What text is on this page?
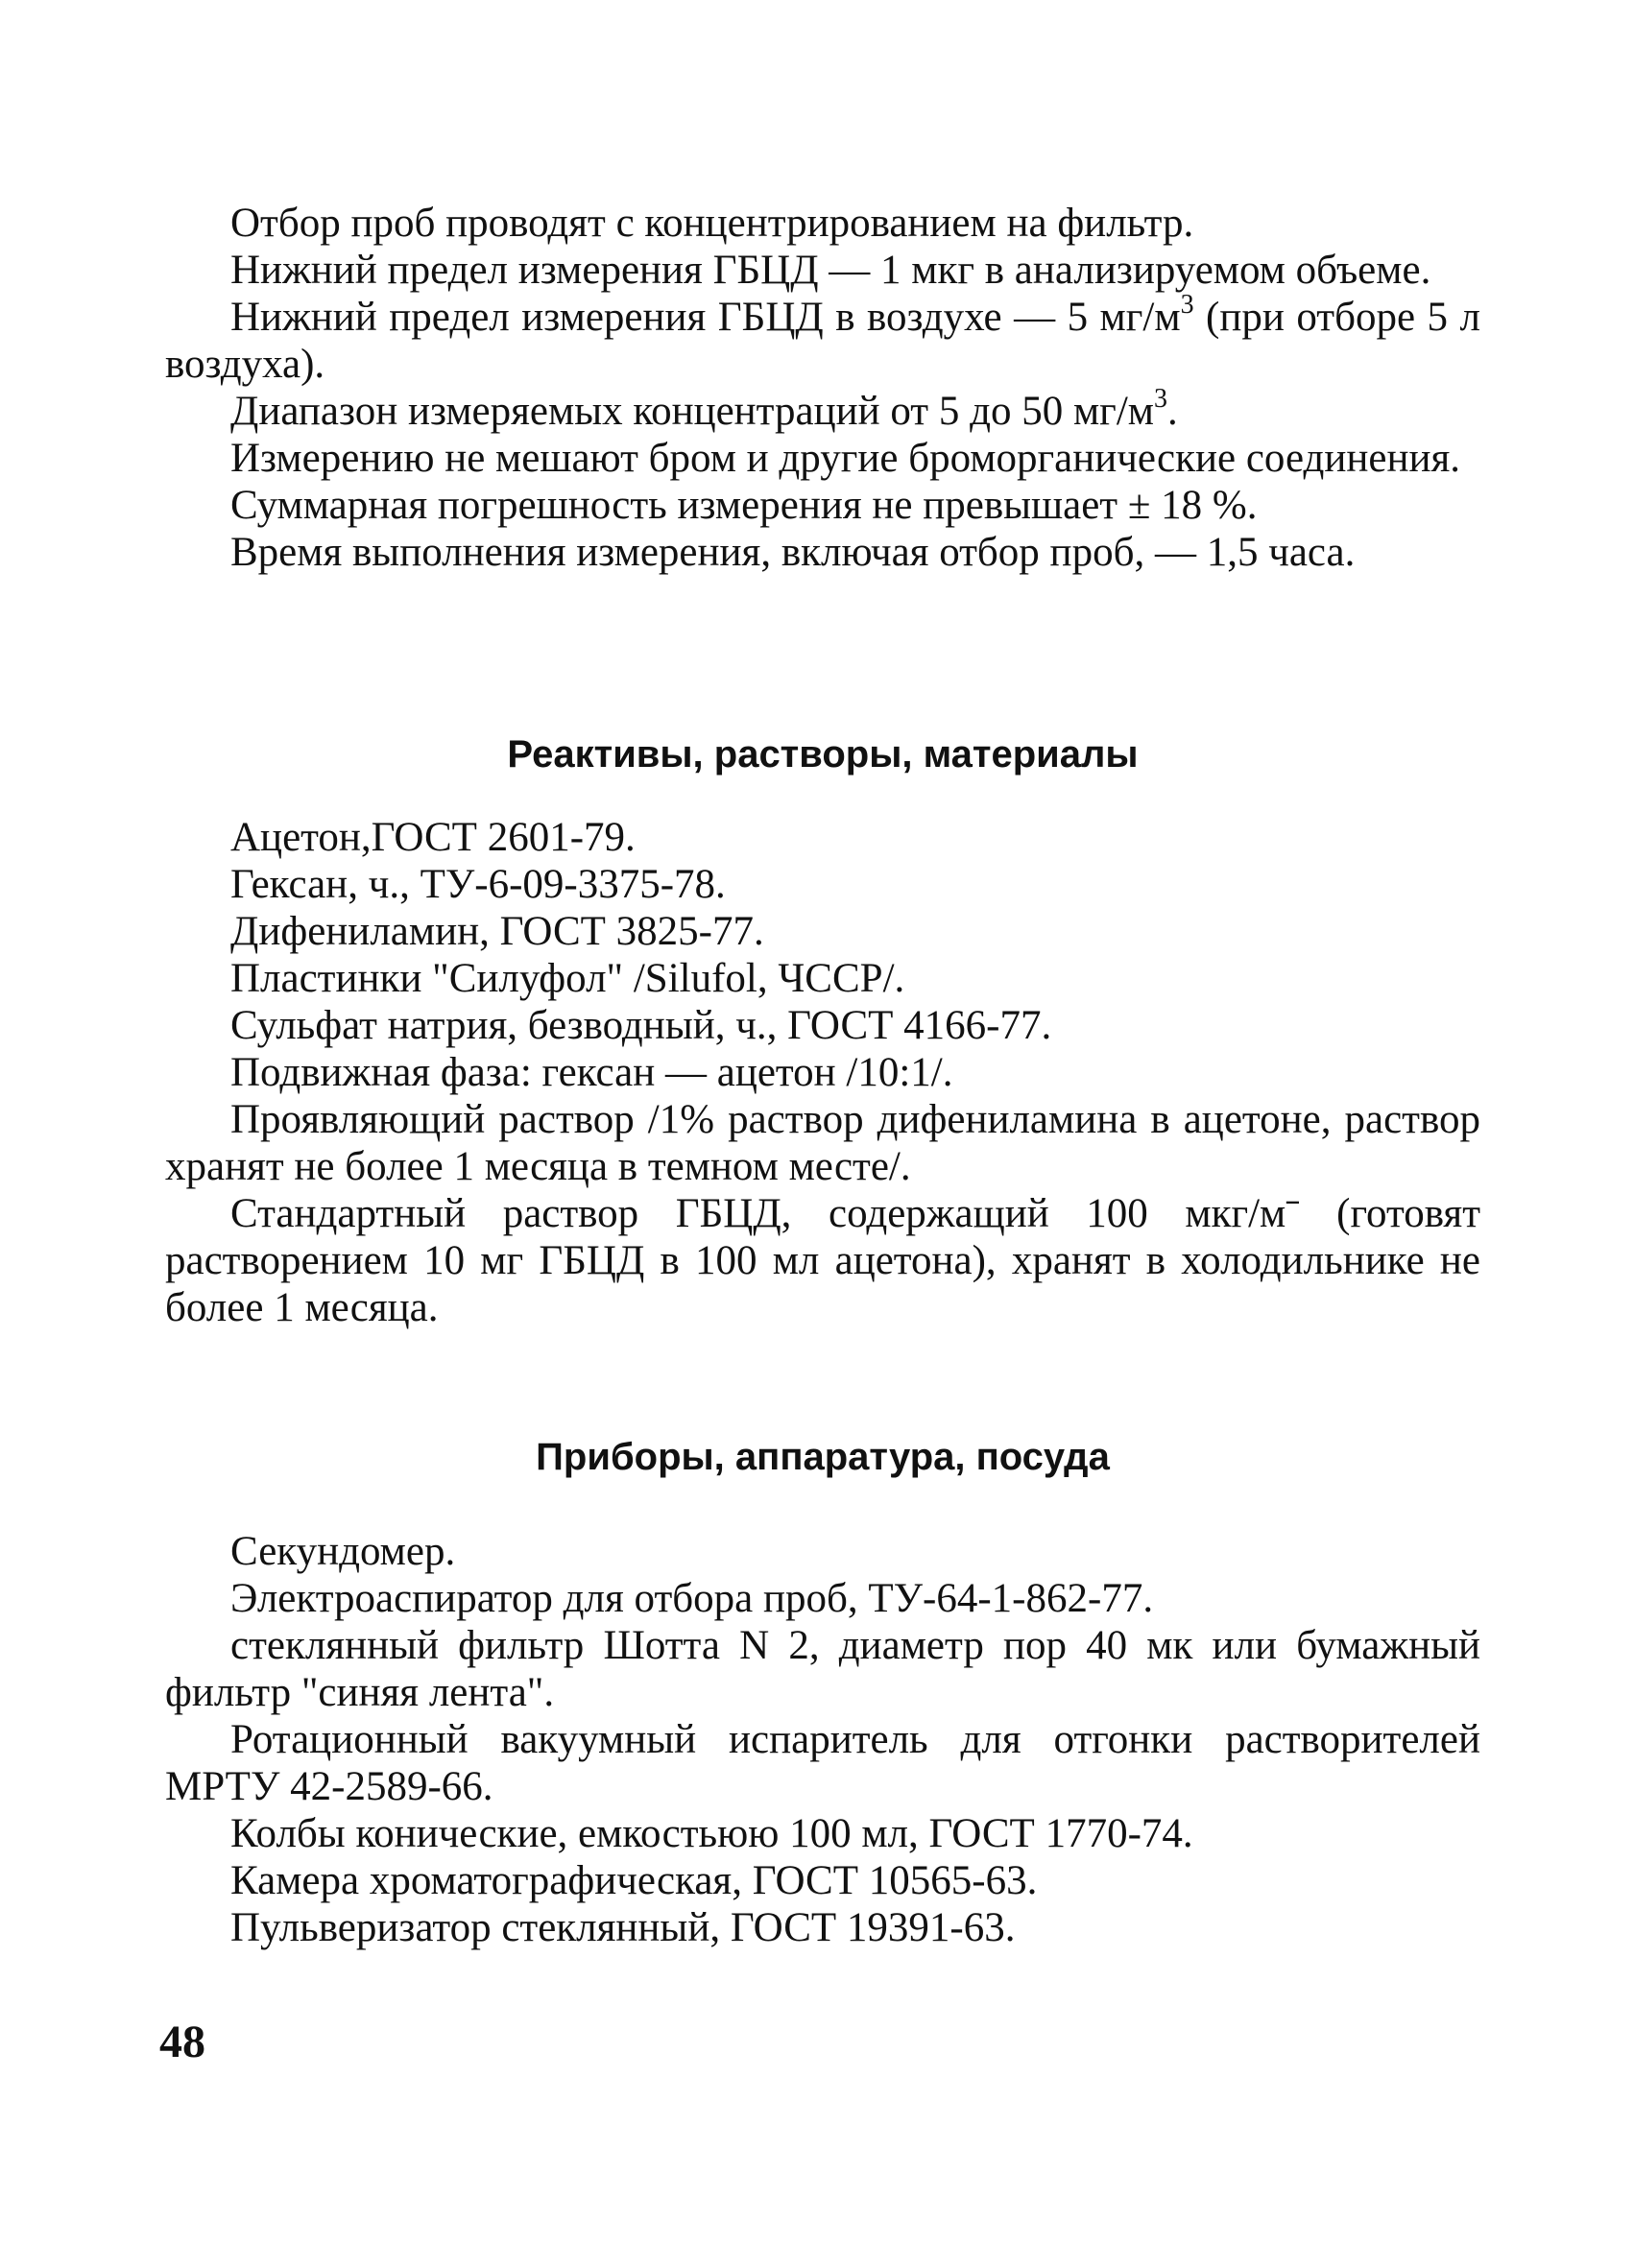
Отбор проб проводят с концентрированием на фильтр.

Нижний предел измерения ГБЦД — 1 мкг в анализируемом объеме.

Нижний предел измерения ГБЦД в воздухе — 5 $мг/м^3$ (при отборе 5 л воздуха).

Диапазон измеряемых концентраций от 5 до 50 $мг/м^3$.

Измерению не мешают бром и другие броморганические соединения.

Суммарная погрешность измерения не превышает ± 18 %.

Время выполнения измерения, включая отбор проб, — 1,5 часа.

Реактивы, растворы, материалы

Ацетон,ГОСТ 2601-79.

Гексан, ч., ТУ-6-09-3375-78.

Дифениламин, ГОСТ 3825-77.

Пластинки "Силуфол" /Silufol, ЧССР/.

Сульфат натрия, безводный, ч., ГОСТ 4166-77.

Подвижная фаза: гексан — ацетон /10:1/.

Проявляющий раствор /1% раствор дифениламина в ацетоне, раствор хранят не более 1 месяца в темном месте/.

Стандартный раствор ГБЦД, содержащий 100 мкг/мˉ (готовят растворением 10 мг ГБЦД в 100 мл ацетона), хранят в холодильнике не более 1 месяца.

Приборы, аппаратура, посуда

Секундомер.

Электроаспиратор для отбора проб, ТУ-64-1-862-77.

стеклянный фильтр Шотта N 2, диаметр пор 40 мк или бумажный фильтр "синяя лента".

Ротационный вакуумный испаритель для отгонки растворителей МРТУ 42-2589-66.

Колбы конические, емкостьюю 100 мл, ГОСТ 1770-74.

Камера хроматографическая, ГОСТ 10565-63.

Пульверизатор стеклянный, ГОСТ 19391-63.

48
